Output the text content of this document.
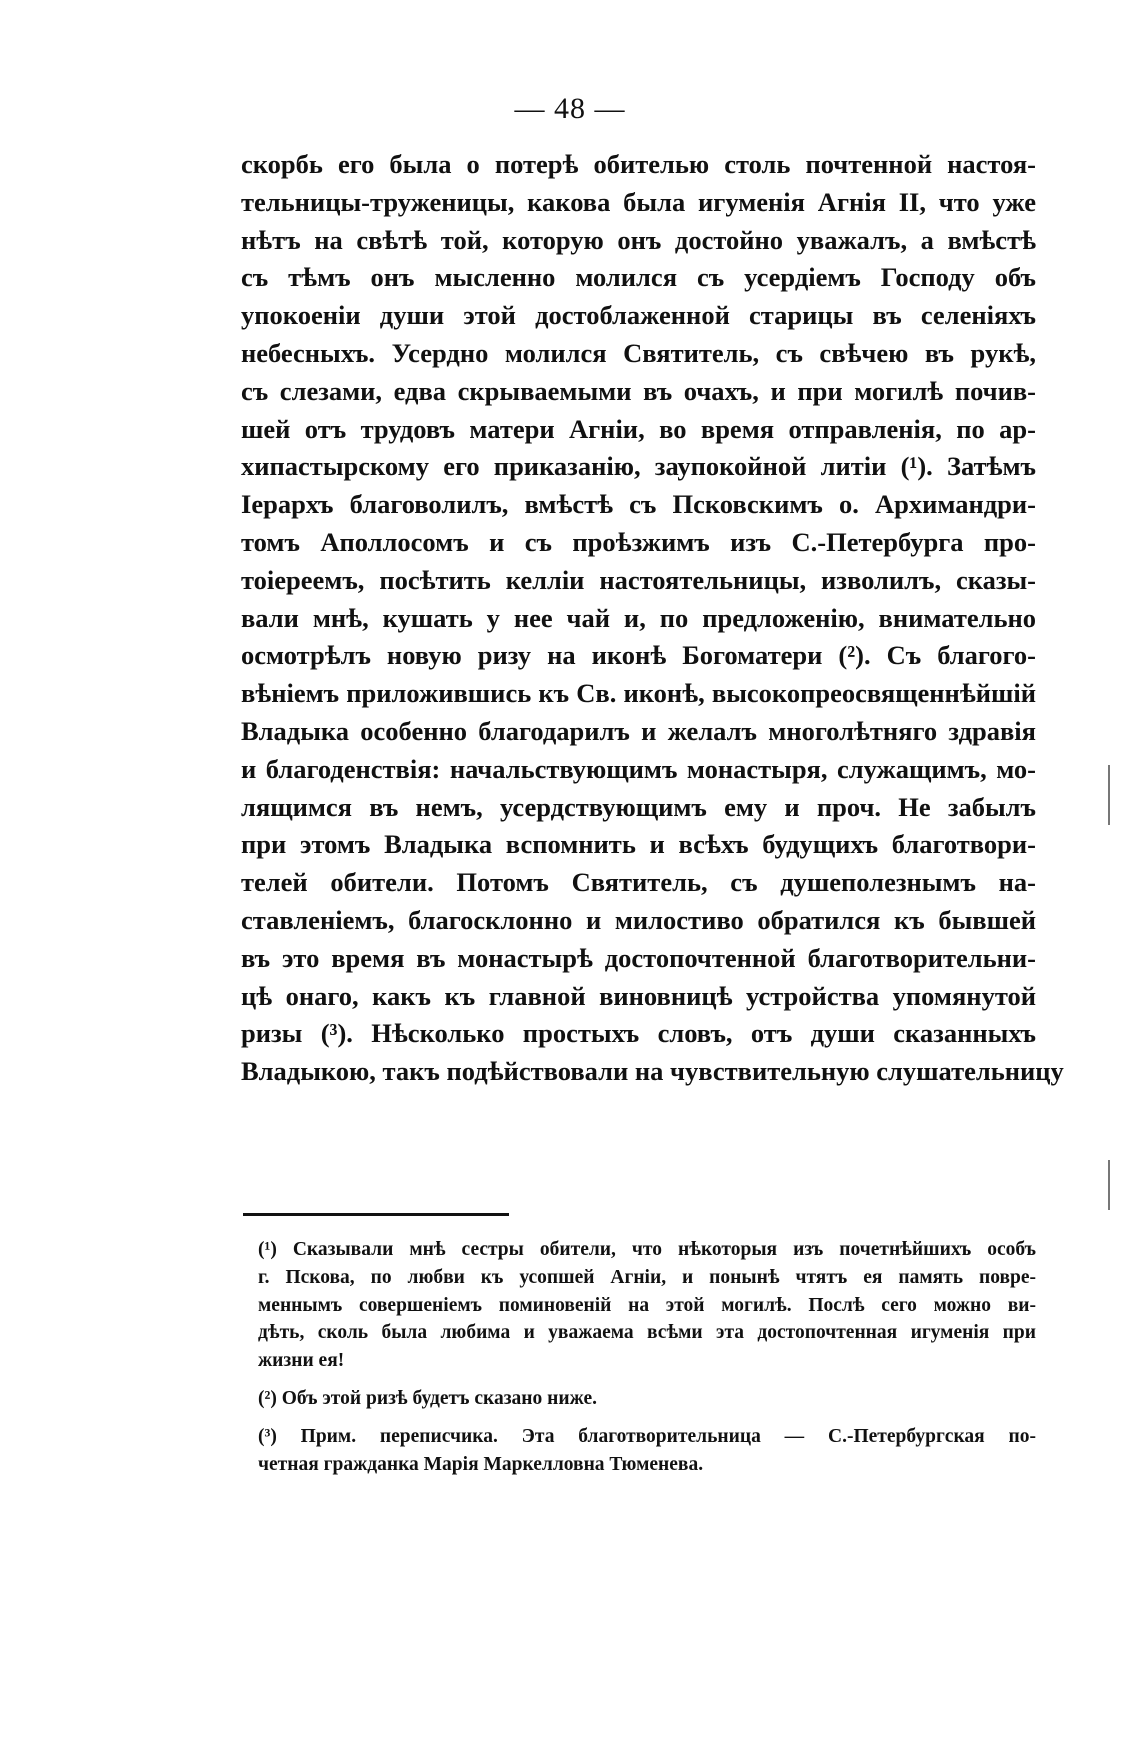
— 48 —
скорбь его была о потерѣ обителью столь почтенной настоя-
тельницы-труженицы, какова была игуменія Агнія II, что уже
нѣтъ на свѣтѣ той, которую онъ достойно уважалъ, а вмѣстѣ
съ тѣмъ онъ мысленно молился съ усердіемъ Господу объ
упокоеніи души этой достоблаженной старицы въ селеніяхъ
небесныхъ. Усердно молился Святитель, съ свѣчею въ рукѣ,
съ слезами, едва скрываемыми въ очахъ, и при могилѣ почив-
шей отъ трудовъ матери Агніи, во время отправленія, по ар-
хипастырскому его приказанію, заупокойной литіи (¹). Затѣмъ
Іерархъ благоволилъ, вмѣстѣ съ Псковскимъ о. Архимандри-
томъ Аполлосомъ и съ проѣзжимъ изъ С.-Петербурга про-
тоіереемъ, посѣтить келліи настоятельницы, изволилъ, сказы-
вали мнѣ, кушать у нее чай и, по предложенію, внимательно
осмотрѣлъ новую ризу на иконѣ Богоматери (²). Съ благого-
вѣніемъ приложившись къ Св. иконѣ, высокопреосвященнѣйшій
Владыка особенно благодарилъ и желалъ многолѣтняго здравія
и благоденствія: начальствующимъ монастыря, служащимъ, мо-
лящимся въ немъ, усердствующимъ ему и проч. Не забылъ
при этомъ Владыка вспомнить и всѣхъ будущихъ благотвори-
телей обители. Потомъ Святитель, съ душеполезнымъ на-
ставленіемъ, благосклонно и милостиво обратился къ бывшей
въ это время въ монастырѣ достопочтенной благотворительни-
цѣ онаго, какъ къ главной виновницѣ устройства упомянутой
ризы (³). Нѣсколько простыхъ словъ, отъ души сказанныхъ
Владыкою, такъ подѣйствовали на чувствительную слушательницу
(¹) Сказывали мнѣ сестры обители, что нѣкоторыя изъ почетнѣйшихъ особъ
г. Пскова, по любви къ усопшей Агніи, и понынѣ чтятъ ея память повре-
меннымъ совершеніемъ поминовеній на этой могилѣ. Послѣ сего можно ви-
дѣть, сколь была любима и уважаема всѣми эта достопочтенная игуменія при
жизни ея!
(²) Объ этой ризѣ будетъ сказано ниже.
(³) Прим. переписчика. Эта благотворительница — С.-Петербургская по-
четная гражданка Марія Маркелловна Тюменева.
